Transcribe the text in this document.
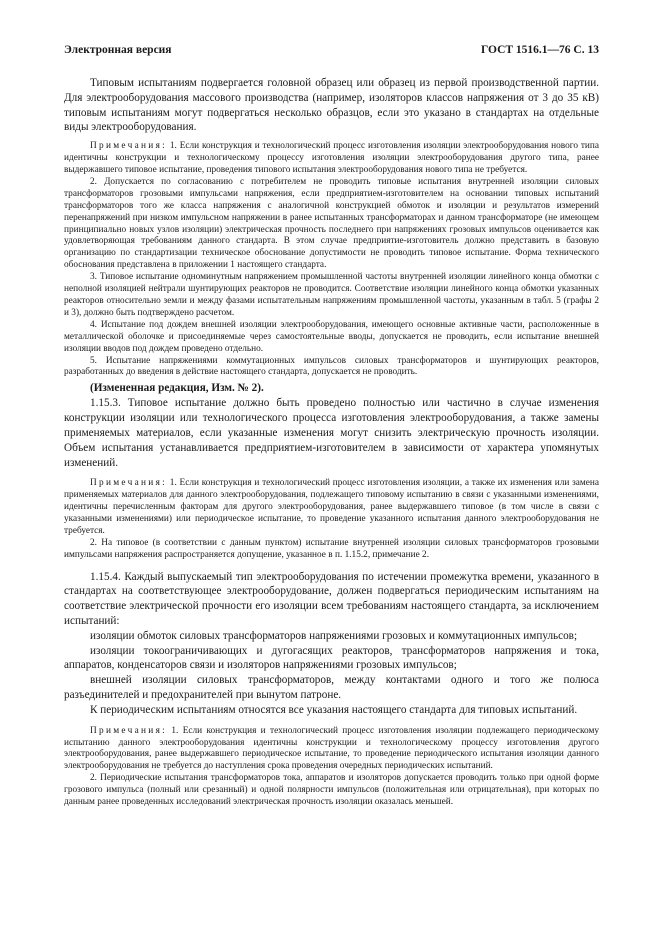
Электронная версия	ГОСТ 1516.1—76 С. 13

Типовым испытаниям подвергается головной образец или образец из первой производственной партии. Для электрооборудования массового производства (например, изоляторов классов напряжения от 3 до 35 кВ) типовым испытаниям могут подвергаться несколько образцов, если это указано в стандартах на отдельные виды электрооборудования.

Примечания: 1. Если конструкция и технологический процесс изготовления изоляции электрооборудования нового типа идентичны конструкции и технологическому процессу изготовления изоляции электрооборудования другого типа, ранее выдержавшего типовое испытание, проведения типового испытания электрооборудования нового типа не требуется.

2. Допускается по согласованию с потребителем не проводить типовые испытания внутренней изоляции силовых трансформаторов грозовыми импульсами напряжения, если предприятием-изготовителем на основании типовых испытаний трансформаторов того же класса напряжения с аналогичной конструкцией обмоток и изоляции и результатов измерений перенапряжений при низком импульсном напряжении в ранее испытанных трансформаторах и данном трансформаторе (не имеющем принципиально новых узлов изоляции) электрическая прочность последнего при напряжениях грозовых импульсов оценивается как удовлетворяющая требованиям данного стандарта. В этом случае предприятие-изготовитель должно представить в базовую организацию по стандартизации техническое обоснование допустимости не проводить типовое испытание. Форма технического обоснования представлена в приложении 1 настоящего стандарта.

3. Типовое испытание одноминутным напряжением промышленной частоты внутренней изоляции линейного конца обмотки с неполной изоляцией нейтрали шунтирующих реакторов не проводится. Соответствие изоляции линейного конца обмотки указанных реакторов относительно земли и между фазами испытательным напряжениям промышленной частоты, указанным в табл. 5 (графы 2 и 3), должно быть подтверждено расчетом.

4. Испытание под дождем внешней изоляции электрооборудования, имеющего основные активные части, расположенные в металлической оболочке и присоединяемые через самостоятельные вводы, допускается не проводить, если испытание внешней изоляции вводов под дождем проведено отдельно.

5. Испытание напряжениями коммутационных импульсов силовых трансформаторов и шунтирующих реакторов, разработанных до введения в действие настоящего стандарта, допускается не проводить.

(Измененная редакция, Изм. № 2).

1.15.3. Типовое испытание должно быть проведено полностью или частично в случае изменения конструкции изоляции или технологического процесса изготовления электрооборудования, а также замены применяемых материалов, если указанные изменения могут снизить электрическую прочность изоляции. Объем испытания устанавливается предприятием-изготовителем в зависимости от характера упомянутых изменений.

Примечания: 1. Если конструкция и технологический процесс изготовления изоляции, а также их изменения или замена применяемых материалов для данного электрооборудования, подлежащего типовому испытанию в связи с указанными изменениями, идентичны перечисленным факторам для другого электрооборудования, ранее выдержавшего типовое (в том числе в связи с указанными изменениями) или периодическое испытание, то проведение указанного испытания данного электрооборудования не требуется.

2. На типовое (в соответствии с данным пунктом) испытание внутренней изоляции силовых трансформаторов грозовыми импульсами напряжения распространяется допущение, указанное в п. 1.15.2, примечание 2.

1.15.4. Каждый выпускаемый тип электрооборудования по истечении промежутка времени, указанного в стандартах на соответствующее электрооборудование, должен подвергаться периодическим испытаниям на соответствие электрической прочности его изоляции всем требованиям настоящего стандарта, за исключением испытаний:

изоляции обмоток силовых трансформаторов напряжениями грозовых и коммутационных импульсов;

изоляции токоограничивающих и дугогасящих реакторов, трансформаторов напряжения и тока, аппаратов, конденсаторов связи и изоляторов напряжениями грозовых импульсов;

внешней изоляции силовых трансформаторов, между контактами одного и того же полюса разъединителей и предохранителей при вынутом патроне.

К периодическим испытаниям относятся все указания настоящего стандарта для типовых испытаний.

Примечания: 1. Если конструкция и технологический процесс изготовления изоляции подлежащего периодическому испытанию данного электрооборудования идентичны конструкции и технологическому процессу изготовления другого электрооборудования, ранее выдержавшего периодическое испытание, то проведение периодического испытания изоляции данного электрооборудования не требуется до наступления срока проведения очередных периодических испытаний.

2. Периодические испытания трансформаторов тока, аппаратов и изоляторов допускается проводить только при одной форме грозового импульса (полный или срезанный) и одной полярности импульсов (положительная или отрицательная), при которых по данным ранее проведенных исследований электрическая прочность изоляции оказалась меньшей.
